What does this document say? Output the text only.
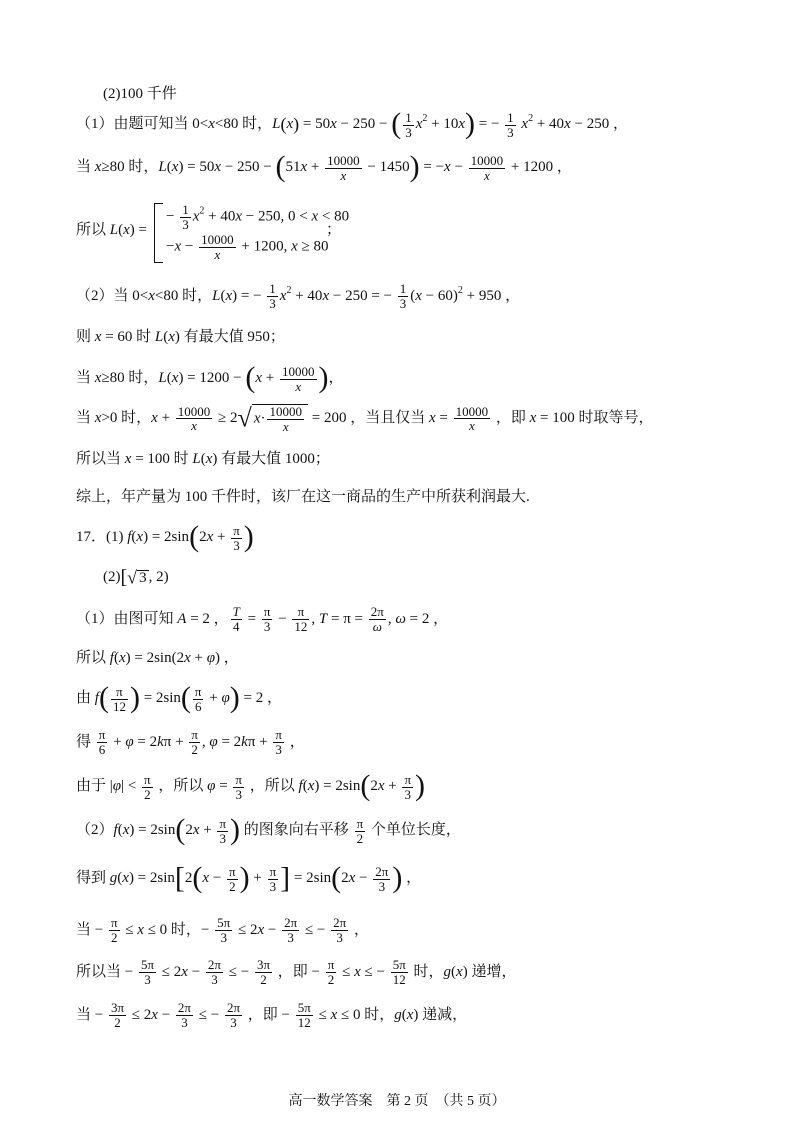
(2)100 千件
（1）由题可知当 0<x<80 时，L(x) = 50x − 250 − ( $\frac{1}{3} x^2 + 10x$) = − $\frac{1}{3} x^2 + 40x - 250$ ，
当 x≥80 时，$L(x) = 50x - 250 - (51x + \frac{10000}{x} - 1450) = -x - \frac{10000}{x} + 1200$ ，
所以 L(x) =
− $\frac{1}{3} x^2 + 40x - 250$, 0 < x < 80
$-x - \frac{10000}{x} + 1200$, x ≥ 80
；
（2）当 0<x<80 时，L(x) = − $\frac{1}{3} x^2 + 40x - 250$ = − $\frac{1}{3} (x - 60)^2 + 950$ ，
则 x = 60 时 L(x) 有最大值 950；
当 x≥80 时，$L(x) = 1200 - (x + \frac{10000}{x}$ )，
当 x>0 时，$x + \frac{10000}{x} \ge 2√$ $x\cdot \frac{10000}{x} = 200$ ，当且仅当 $x = \frac{10000}{x}$ ，即 x = 100 时取等号，
所以当 x = 100 时 L(x) 有最大值 1000；
综上，年产量为 100 千件时，该厂在这一商品的生产中所获利润最大.
17．(1) $f(x) = 2\sin(2x + \frac{\pi}{3}$ )
(2)[√ 3 , 2)
（1）由图可知 A = 2 ， $\frac{T}{4} = \frac{\pi}{3} - \frac{\pi}{12}$ , $T = \pi = \frac{2\pi}{\omega}$ , ω = 2 ，
所以 f(x) = 2sin(2x + φ) ，
由 $f( \frac{\pi}{12}$ ) = $2\sin( \frac{\pi}{6} + \varphi) = 2$ ，
得 $\frac{\pi}{6} + \varphi = 2k\pi + \frac{\pi}{2}$ , $\varphi = 2k\pi + \frac{\pi}{3}$ ，
由于 $|\varphi| < \frac{\pi}{2}$ ，所以 $\varphi = \frac{\pi}{3}$ ，所以 $f(x) = 2\sin(2x + \frac{\pi}{3}$ )
$(2)f(x) = 2\sin(2x + \frac{\pi}{3}$ ) 的图象向右平移 $\frac{\pi}{2}$ 个单位长度，
得到 $g(x) = 2\sin[2(x - \frac{\pi}{2}$ ) + $\frac{\pi}{3}$ ] = $2\sin(2x - \frac{2\pi}{3}$ ) ，
当 − $\frac{\pi}{2} \le x \le 0$ 时，− $\frac{5\pi}{3} \le 2x - \frac{2\pi}{3}$ ≤ − $\frac{2\pi}{3}$ ，
所以当 − $\frac{5\pi}{3} \le 2x - \frac{2\pi}{3}$ ≤ − $\frac{3\pi}{2}$ ，即 − $\frac{\pi}{2} \le x$ ≤ − $\frac{5\pi}{12}$ 时，g(x) 递增，
当 − $\frac{3\pi}{2} \le 2x - \frac{2\pi}{3}$ ≤ − $\frac{2\pi}{3}$ ，即 − $\frac{5\pi}{12} \le x \le 0$ 时，g(x) 递减，
高一数学答案　第 2 页　（共 5 页）
